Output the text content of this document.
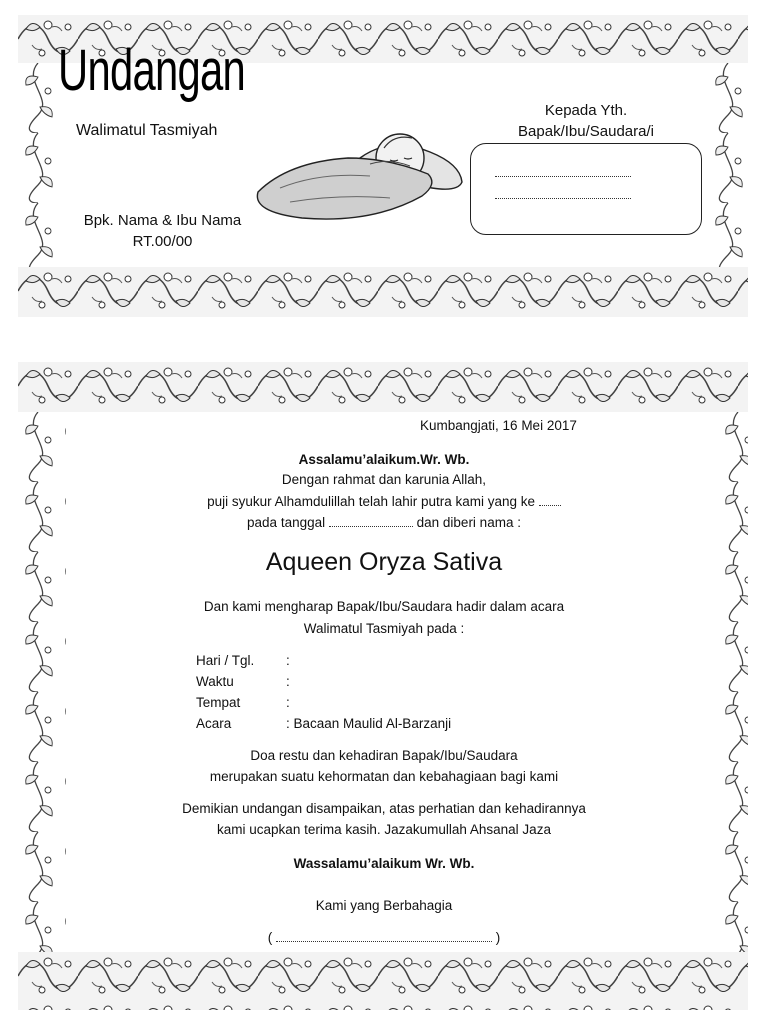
Undangan
Walimatul Tasmiyah
Bpk. Nama & Ibu Nama
RT.00/00
Kepada Yth.
Bapak/Ibu/Saudara/i
Kumbangjati, 16 Mei 2017
Assalamu’alaikum.Wr. Wb.
Dengan rahmat dan karunia Allah,
puji syukur Alhamdulillah telah lahir putra kami yang ke
pada tanggal	dan diberi nama :
Aqueen Oryza Sativa
Dan kami mengharap Bapak/Ibu/Saudara hadir dalam acara
Walimatul Tasmiyah pada :
Hari / Tgl. :
Waktu	:
Tempat	:
Acara	: Bacaan Maulid Al-Barzanji
Doa restu dan kehadiran Bapak/Ibu/Saudara
merupakan suatu kehormatan dan kebahagiaan bagi kami
Demikian undangan disampaikan, atas perhatian dan kehadirannya
kami ucapkan terima kasih. Jazakumullah Ahsanal Jaza
Wassalamu’alaikum Wr. Wb.
Kami yang Berbahagia
(	)
